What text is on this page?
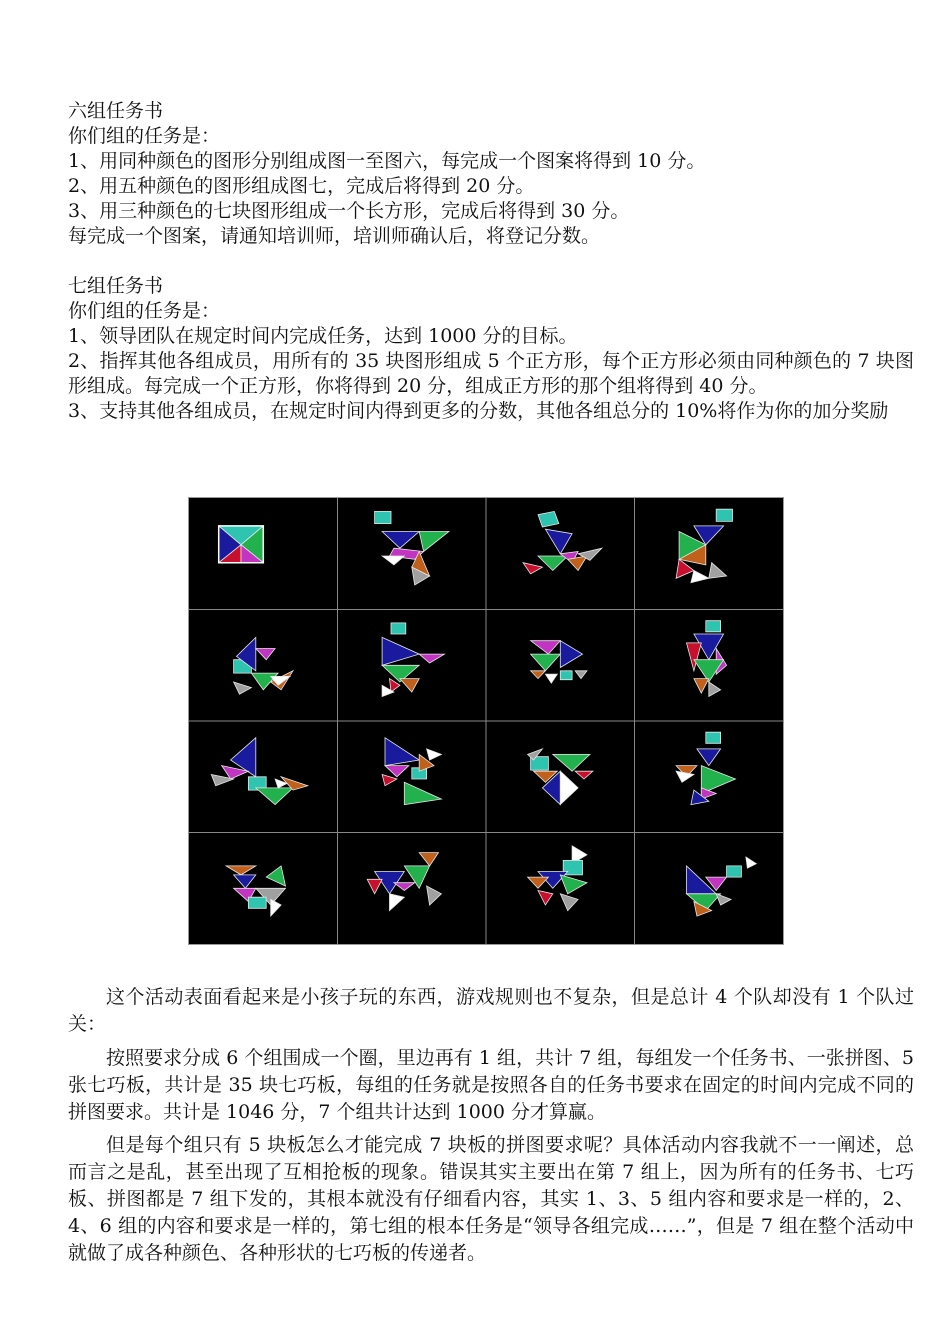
六组任务书
你们组的任务是：
1、用同种颜色的图形分别组成图一至图六，每完成一个图案将得到 10 分。
2、用五种颜色的图形组成图七，完成后将得到 20 分。
3、用三种颜色的七块图形组成一个长方形，完成后将得到 30 分。
每完成一个图案，请通知培训师，培训师确认后，将登记分数。
七组任务书
你们组的任务是：
1、领导团队在规定时间内完成任务，达到 1000 分的目标。
2、指挥其他各组成员，用所有的 35 块图形组成 5 个正方形，每个正方形必须由同种颜色的 7 块图形组成。每完成一个正方形，你将得到 20 分，组成正方形的那个组将得到 40 分。
3、支持其他各组成员，在规定时间内得到更多的分数，其他各组总分的 10%将作为你的加分奖励
这个活动表面看起来是小孩子玩的东西，游戏规则也不复杂，但是总计 4 个队却没有 1 个队过关：
按照要求分成 6 个组围成一个圈，里边再有 1 组，共计 7 组，每组发一个任务书、一张拼图、5 张七巧板，共计是 35 块七巧板，每组的任务就是按照各自的任务书要求在固定的时间内完成不同的拼图要求。共计是 1046 分，7 个组共计达到 1000 分才算赢。
但是每个组只有 5 块板怎么才能完成 7 块板的拼图要求呢？具体活动内容我就不一一阐述，总而言之是乱，甚至出现了互相抢板的现象。错误其实主要出在第 7 组上，因为所有的任务书、七巧板、拼图都是 7 组下发的，其根本就没有仔细看内容，其实 1、3、5 组内容和要求是一样的，2、4、6 组的内容和要求是一样的，第七组的根本任务是“领导各组完成……”，但是 7 组在整个活动中就做了成各种颜色、各种形状的七巧板的传递者。
